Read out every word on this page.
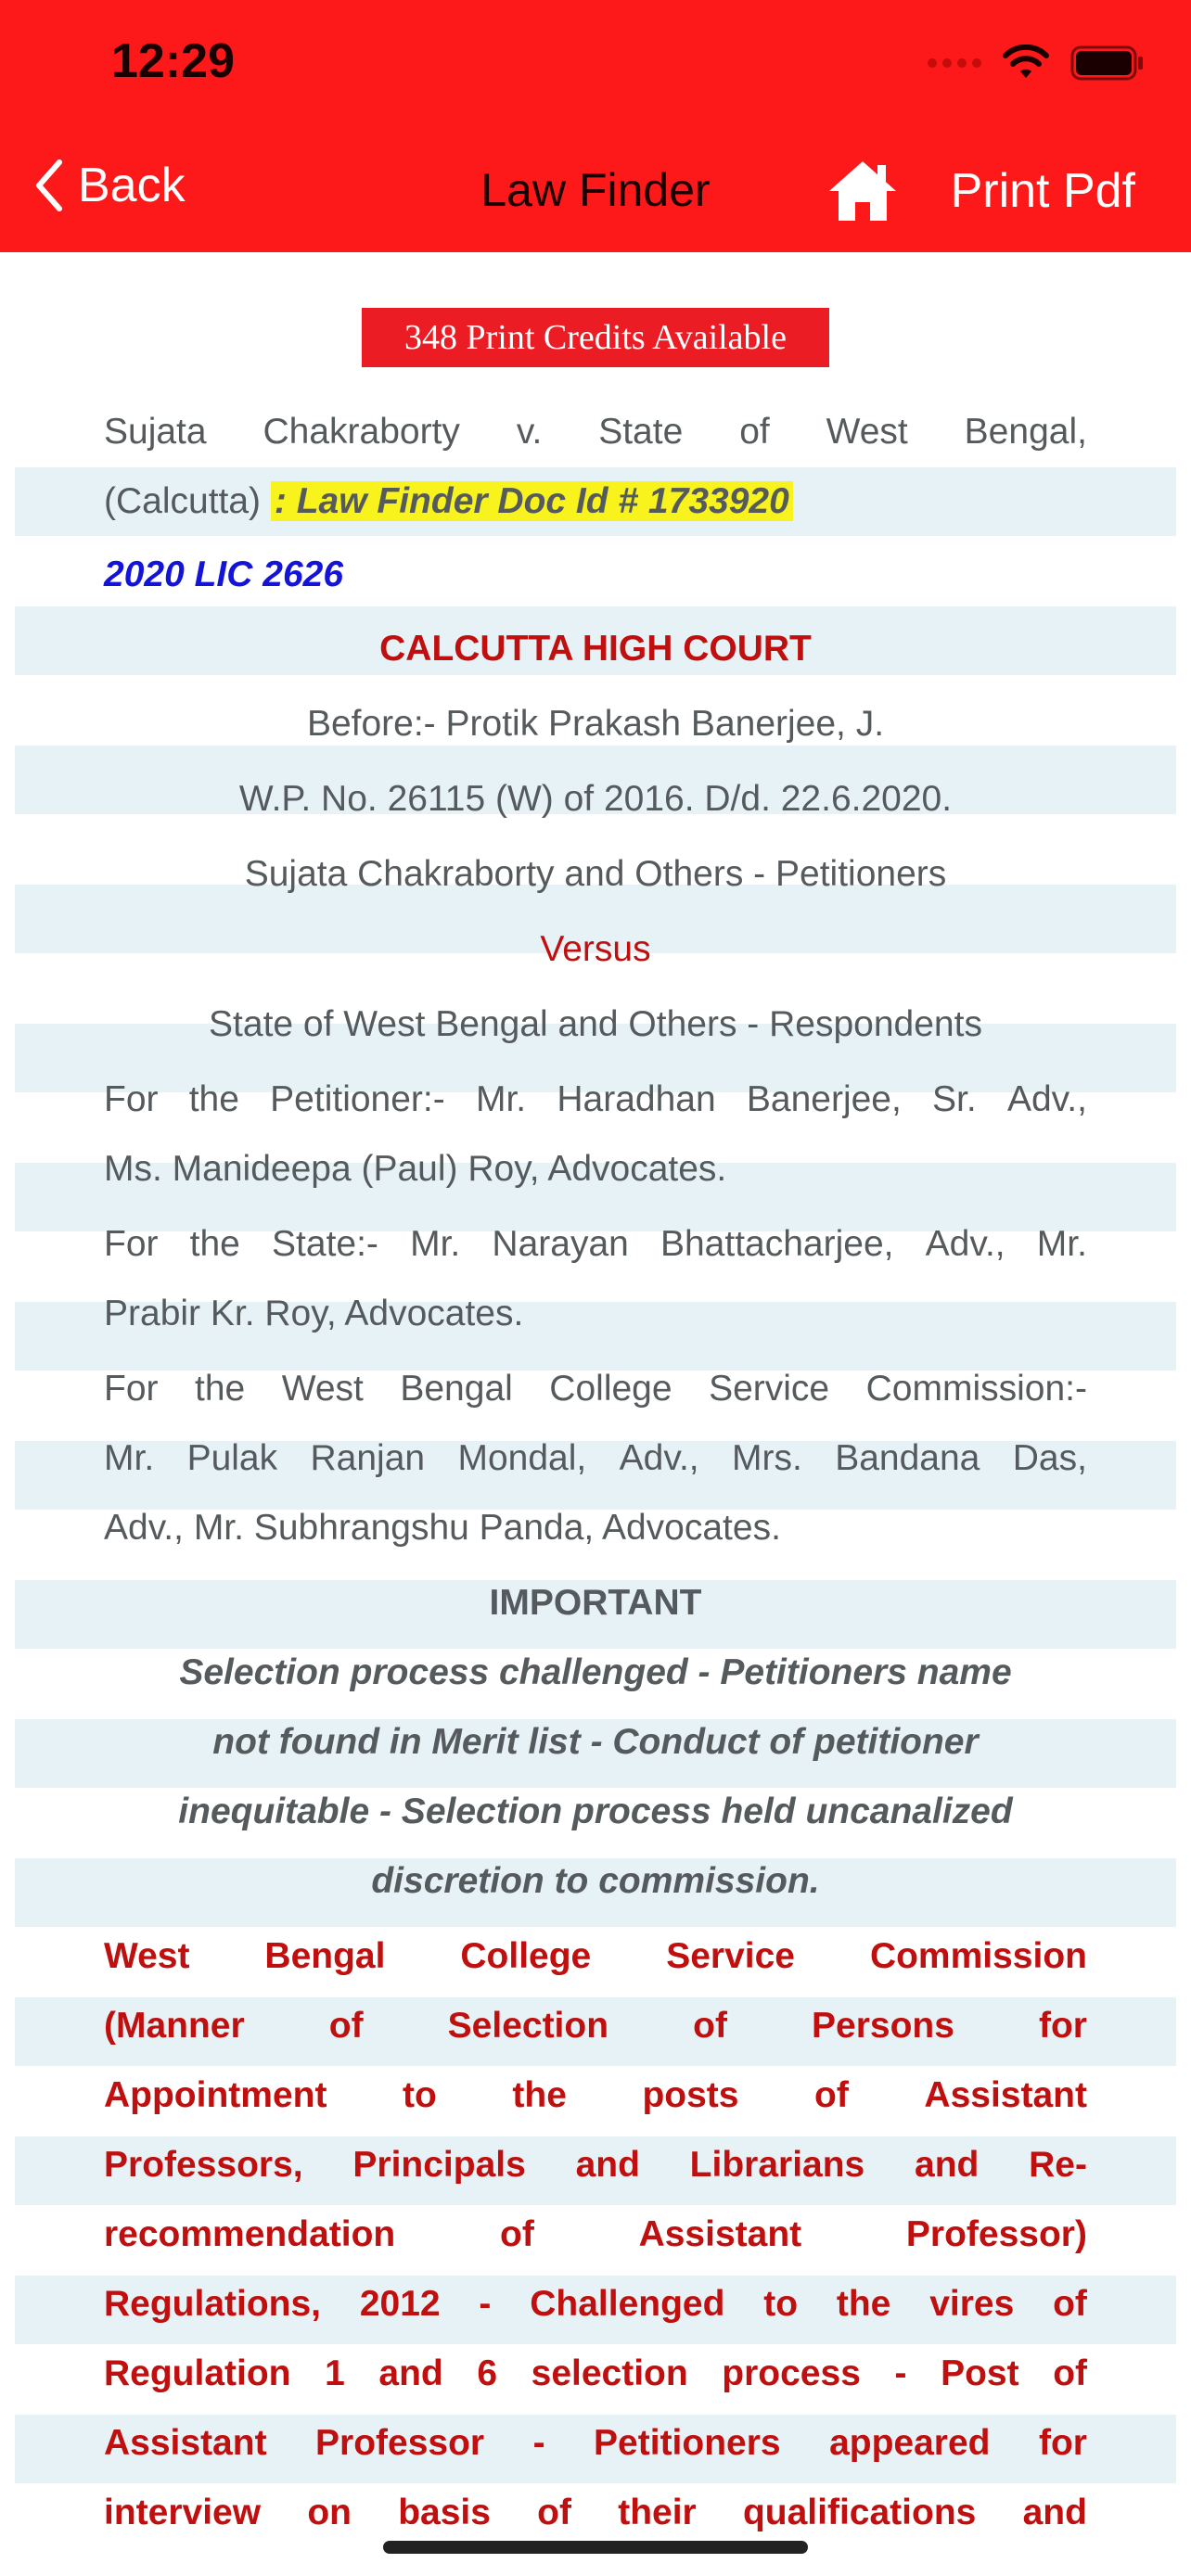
12:29
Back	Law Finder	Print Pdf
348 Print Credits Available
Sujata Chakraborty v. State of West Bengal,
(Calcutta) : Law Finder Doc Id # 1733920
2020 LIC 2626
CALCUTTA HIGH COURT
Before:- Protik Prakash Banerjee, J.
W.P. No. 26115 (W) of 2016. D/d. 22.6.2020.
Sujata Chakraborty and Others - Petitioners
Versus
State of West Bengal and Others - Respondents
For the Petitioner:- Mr. Haradhan Banerjee, Sr. Adv.,
Ms. Manideepa (Paul) Roy, Advocates.
For the State:- Mr. Narayan Bhattacharjee, Adv., Mr.
Prabir Kr. Roy, Advocates.
For the West Bengal College Service Commission:-
Mr. Pulak Ranjan Mondal, Adv., Mrs. Bandana Das,
Adv., Mr. Subhrangshu Panda, Advocates.
IMPORTANT
Selection process challenged - Petitioners name
not found in Merit list - Conduct of petitioner
inequitable - Selection process held uncanalized
discretion to commission.
West Bengal College Service Commission
(Manner of Selection of Persons for
Appointment to the posts of Assistant
Professors, Principals and Librarians and Re-
recommendation	of	Assistant	Professor)
Regulations, 2012 - Challenged to the vires of
Regulation 1 and 6 selection process - Post of
Assistant Professor - Petitioners appeared for
interview on basis of their qualifications and
